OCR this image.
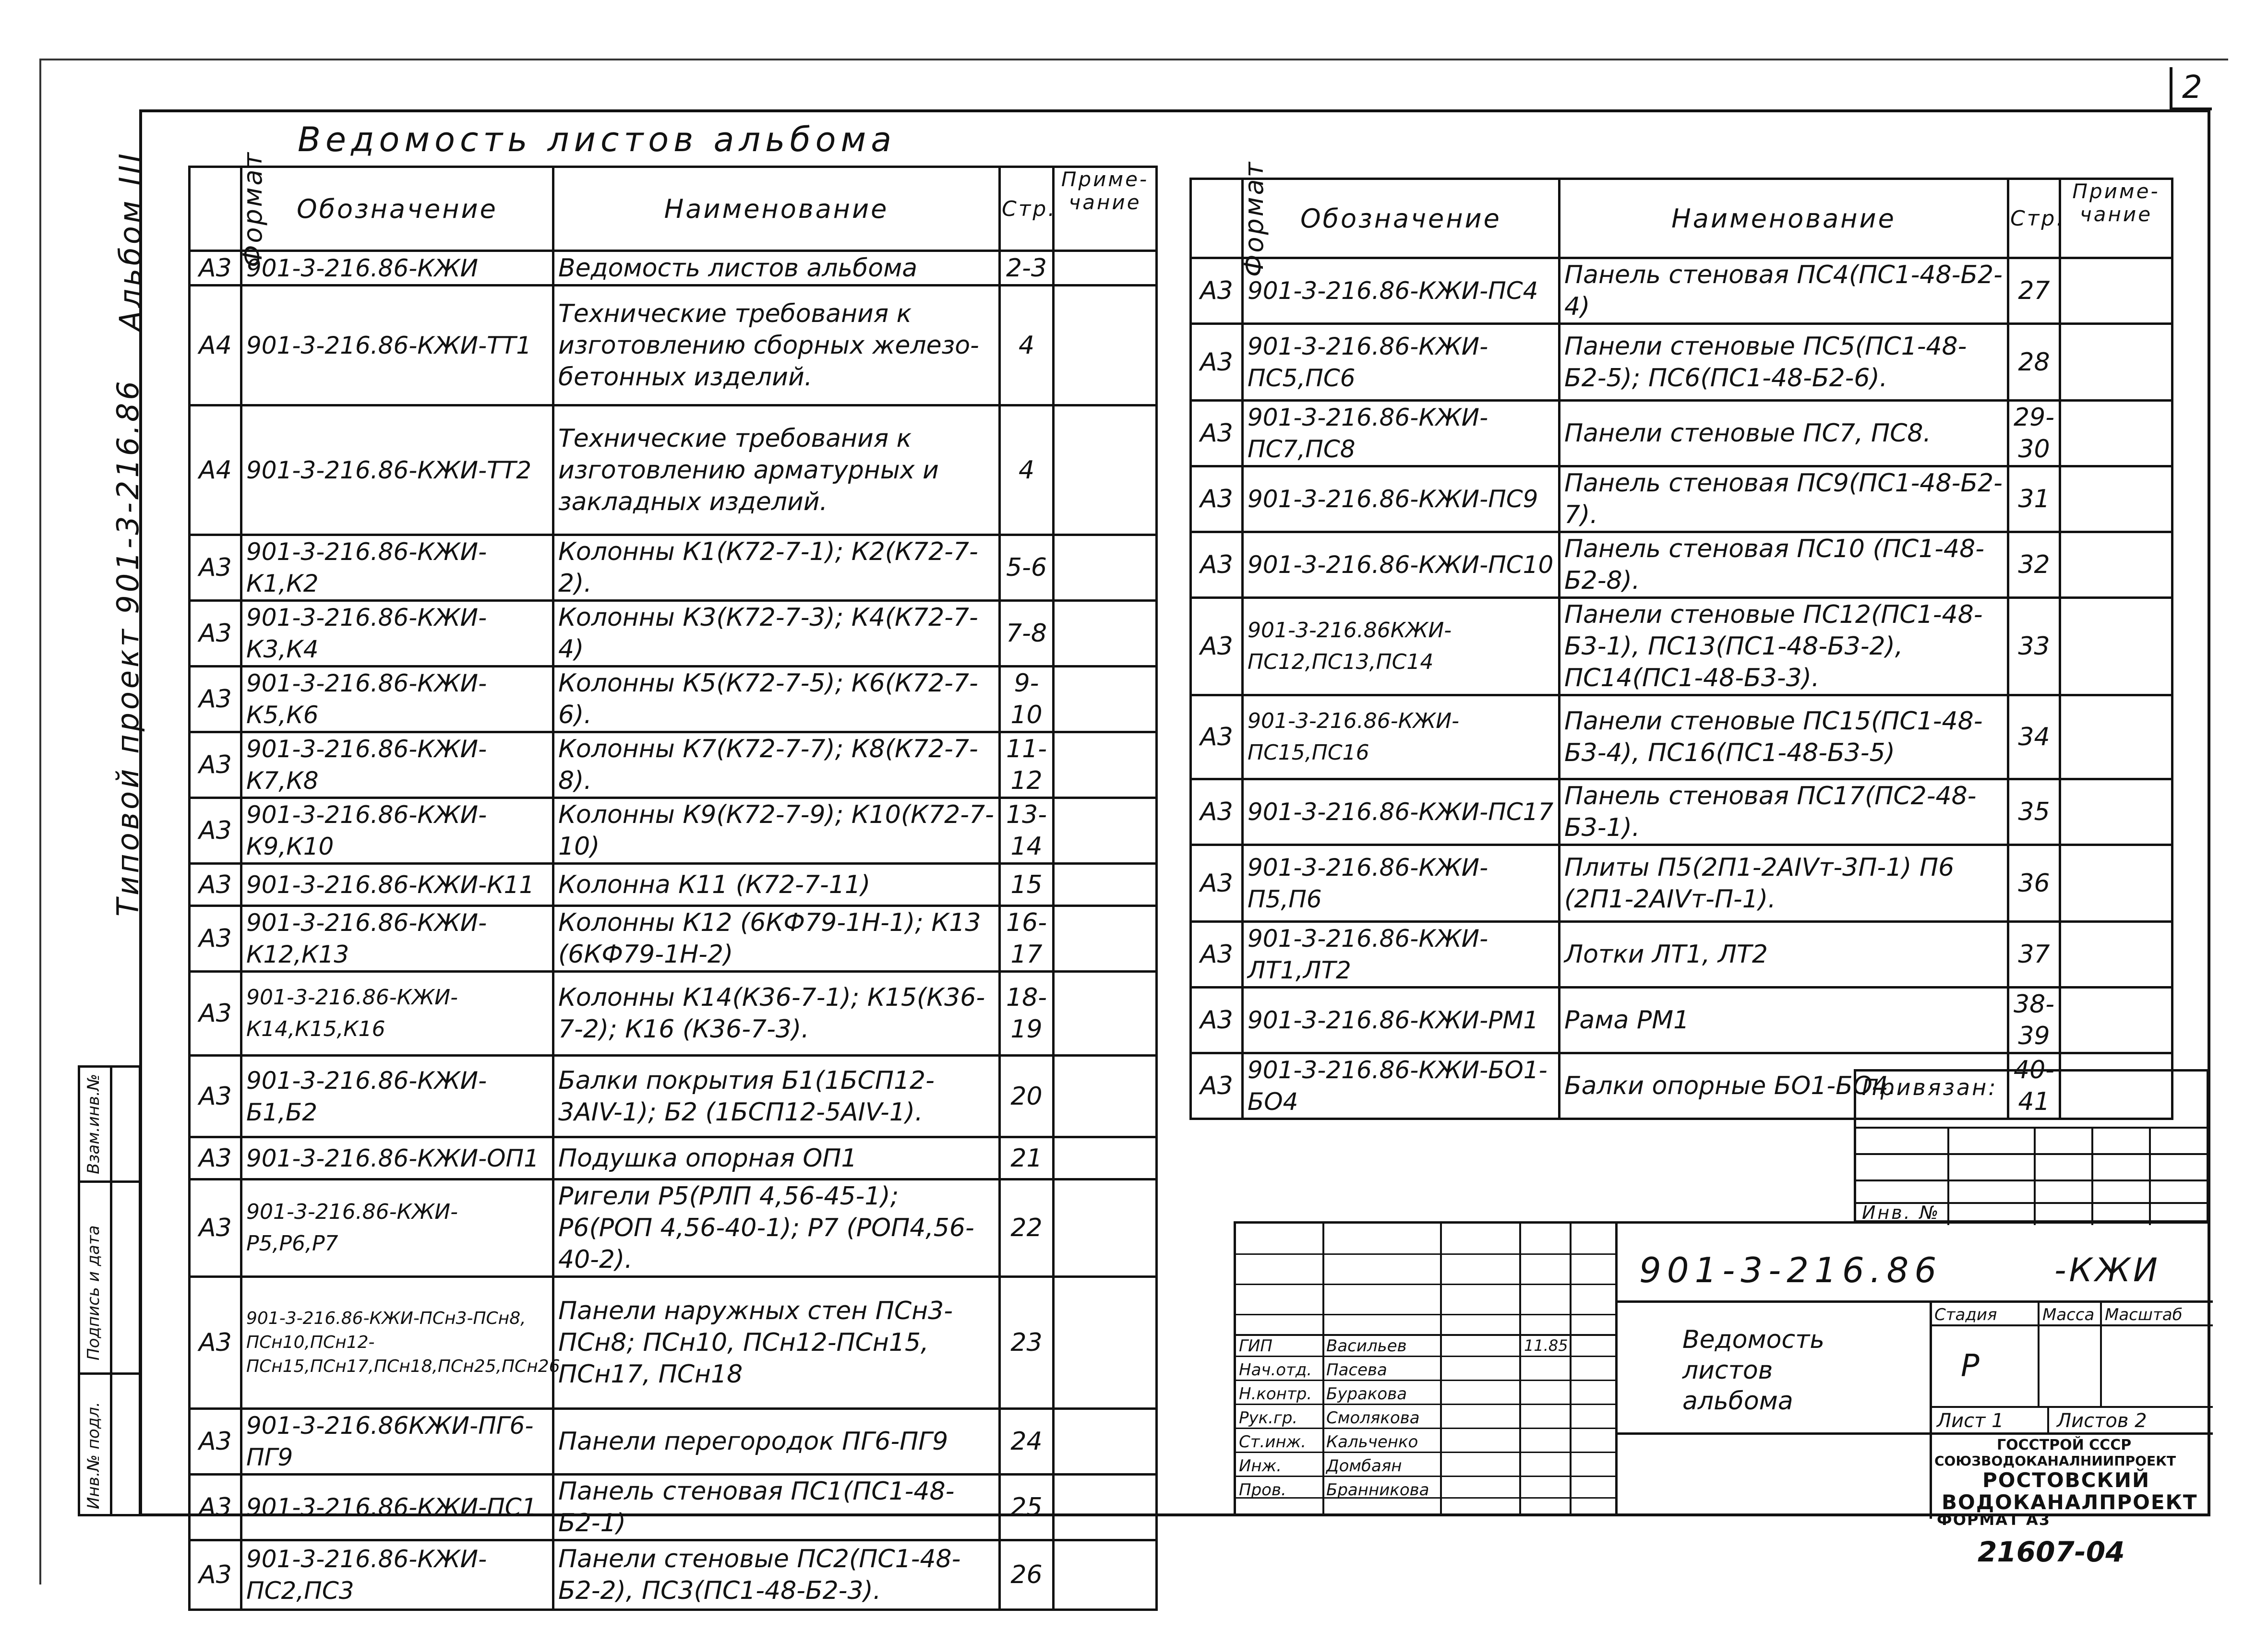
2
Альбом III
Типовой проект 901-3-216.86
Взам.инв.№
Подпись и дата
Инв.№ подл.
Ведомость листов альбома
Формат	Обозначение	Наименование	Стр.	Приме-чание
А3	901-3-216.86-КЖИ	Ведомость листов альбома	2-3	
А4	901-3-216.86-КЖИ-ТТ1	Технические требования к изготовлению сборных железо-бетонных изделий.	4	
А4	901-3-216.86-КЖИ-ТТ2	Технические требования к изготовлению арматурных и закладных изделий.	4	
А3	901-3-216.86-КЖИ-К1,К2	Колонны К1(К72-7-1); К2(К72-7-2).	5-6	
А3	901-3-216.86-КЖИ-К3,К4	Колонны К3(К72-7-3); К4(К72-7-4)	7-8	
А3	901-3-216.86-КЖИ-К5,К6	Колонны К5(К72-7-5); К6(К72-7-6).	9-10	
А3	901-3-216.86-КЖИ-К7,К8	Колонны К7(К72-7-7); К8(К72-7-8).	11-12	
А3	901-3-216.86-КЖИ-К9,К10	Колонны К9(К72-7-9); К10(К72-7-10)	13-14	
А3	901-3-216.86-КЖИ-К11	Колонна К11 (К72-7-11)	15	
А3	901-3-216.86-КЖИ-К12,К13	Колонны К12 (6КФ79-1Н-1); К13 (6КФ79-1Н-2)	16-17	
А3	901-3-216.86-КЖИ-К14,К15,К16	Колонны К14(К36-7-1); К15(К36-7-2); К16 (К36-7-3).	18-19	
А3	901-3-216.86-КЖИ-Б1,Б2	Балки покрытия Б1(1БСП12-3АIV-1); Б2 (1БСП12-5АIV-1).	20	
А3	901-3-216.86-КЖИ-ОП1	Подушка опорная ОП1	21	
А3	901-3-216.86-КЖИ-Р5,Р6,Р7	Ригели Р5(РЛП 4,56-45-1); Р6(РОП 4,56-40-1); Р7 (РОП4,56-40-2).	22	
А3	901-3-216.86-КЖИ-ПСн3-ПСн8, ПСн10,ПСн12-ПСн15,ПСн17,ПСн18,ПСн25,ПСн26	Панели наружных стен ПСн3-ПСн8; ПСн10, ПСн12-ПСн15, ПСн17, ПСн18	23	
А3	901-3-216.86КЖИ-ПГ6-ПГ9	Панели перегородок ПГ6-ПГ9	24	
А3	901-3-216.86-КЖИ-ПС1	Панель стеновая ПС1(ПС1-48-Б2-1)	25	
А3	901-3-216.86-КЖИ-ПС2,ПС3	Панели стеновые ПС2(ПС1-48-Б2-2), ПС3(ПС1-48-Б2-3).	26	
Формат	Обозначение	Наименование	Стр.	Приме-чание
А3	901-3-216.86-КЖИ-ПС4	Панель стеновая ПС4(ПС1-48-Б2-4)	27	
А3	901-3-216.86-КЖИ-ПС5,ПС6	Панели стеновые ПС5(ПС1-48-Б2-5); ПС6(ПС1-48-Б2-6).	28	
А3	901-3-216.86-КЖИ-ПС7,ПС8	Панели стеновые ПС7, ПС8.	29-30	
А3	901-3-216.86-КЖИ-ПС9	Панель стеновая ПС9(ПС1-48-Б2-7).	31	
А3	901-3-216.86-КЖИ-ПС10	Панель стеновая ПС10 (ПС1-48-Б2-8).	32	
А3	901-3-216.86КЖИ-ПС12,ПС13,ПС14	Панели стеновые ПС12(ПС1-48-Б3-1), ПС13(ПС1-48-Б3-2), ПС14(ПС1-48-Б3-3).	33	
А3	901-3-216.86-КЖИ-ПС15,ПС16	Панели стеновые ПС15(ПС1-48-Б3-4), ПС16(ПС1-48-Б3-5)	34	
А3	901-3-216.86-КЖИ-ПС17	Панель стеновая ПС17(ПС2-48-Б3-1).	35	
А3	901-3-216.86-КЖИ-П5,П6	Плиты П5(2П1-2АIVт-3П-1) П6 (2П1-2АIVт-П-1).	36	
А3	901-3-216.86-КЖИ-ЛТ1,ЛТ2	Лотки ЛТ1, ЛТ2	37	
А3	901-3-216.86-КЖИ-РМ1	Рама РМ1	38-39	
А3	901-3-216.86-КЖИ-БО1-БО4	Балки опорные БО1-БО4.	40-41	
Привязан:
Инв. №
901-3-216.86	-КЖИ
Ведомость листов альбома
Стадия	Масса Масштаб
Р
Лист 1	Листов 2
ГИП	Васильев	11.85
Нач.отд. Пасева
Н.контр. Буракова
Рук.гр. Смолякова
Ст.инж. Кальченко
Инж.	Домбаян
Пров. Бранникова
ГОССТРОЙ СССР
СОЮЗВОДОКАНАЛНИИПРОЕКТ
РОСТОВСКИЙ
ВОДОКАНАЛПРОЕКТ
ФОРМАТ А3
21607-04
